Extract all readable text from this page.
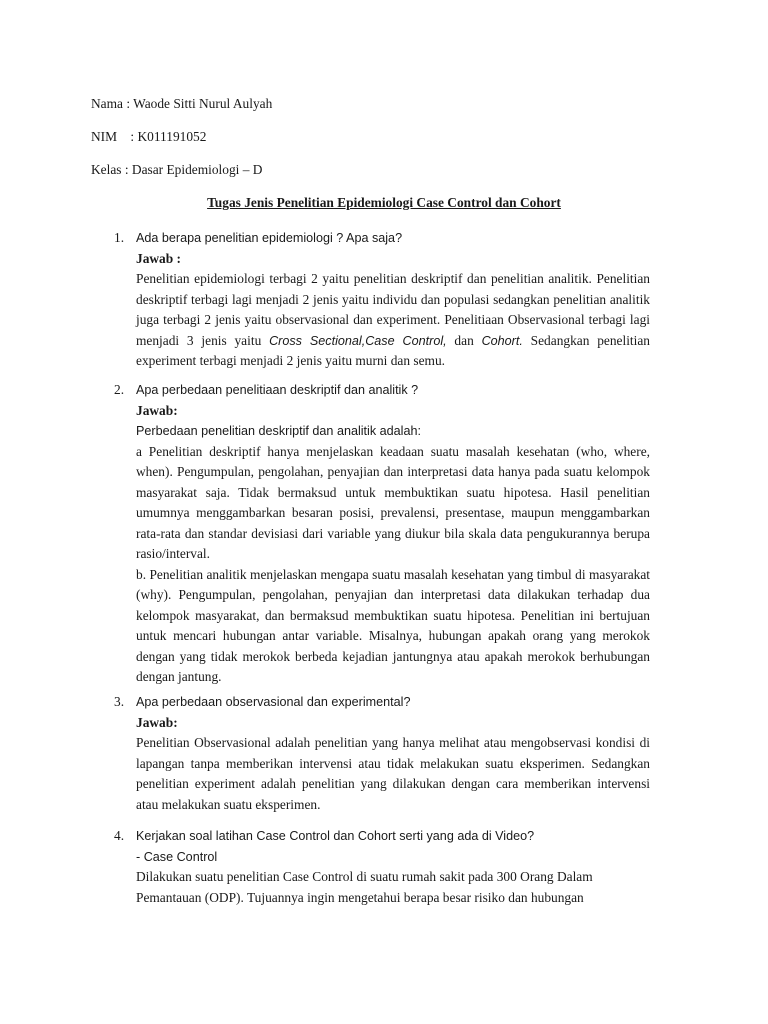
Nama : Waode Sitti Nurul Aulyah
NIM    : K011191052
Kelas : Dasar Epidemiologi – D
Tugas Jenis Penelitian Epidemiologi Case Control dan Cohort
1. Ada berapa penelitian epidemiologi ? Apa saja?
Jawab :
Penelitian epidemiologi terbagi 2 yaitu penelitian deskriptif dan penelitian analitik. Penelitian deskriptif terbagi lagi menjadi 2 jenis yaitu individu dan populasi sedangkan penelitian analitik juga terbagi 2 jenis yaitu observasional dan experiment. Penelitiaan Observasional terbagi lagi menjadi 3 jenis yaitu Cross Sectional,Case Control, dan Cohort. Sedangkan penelitian experiment terbagi menjadi 2 jenis yaitu murni dan semu.
2. Apa perbedaan penelitiaan deskriptif dan analitik ?
Jawab:
Perbedaan penelitian deskriptif dan analitik adalah:
a Penelitian deskriptif hanya menjelaskan keadaan suatu masalah kesehatan (who, where, when). Pengumpulan, pengolahan, penyajian dan interpretasi data hanya pada suatu kelompok masyarakat saja. Tidak bermaksud untuk membuktikan suatu hipotesa. Hasil penelitian umumnya menggambarkan besaran posisi, prevalensi, presentase, maupun menggambarkan rata-rata dan standar devisiasi dari variable yang diukur bila skala data pengukurannya berupa rasio/interval.
b. Penelitian analitik menjelaskan mengapa suatu masalah kesehatan yang timbul di masyarakat (why). Pengumpulan, pengolahan, penyajian dan interpretasi data dilakukan terhadap dua kelompok masyarakat, dan bermaksud membuktikan suatu hipotesa. Penelitian ini bertujuan untuk mencari hubungan antar variable. Misalnya, hubungan apakah orang yang merokok dengan yang tidak merokok berbeda kejadian jantungnya atau apakah merokok berhubungan dengan jantung.
3. Apa perbedaan observasional dan experimental?
Jawab:
Penelitian Observasional adalah penelitian yang hanya melihat atau mengobservasi kondisi di lapangan tanpa memberikan intervensi atau tidak melakukan suatu eksperimen. Sedangkan penelitian experiment adalah penelitian yang dilakukan dengan cara memberikan intervensi atau melakukan suatu eksperimen.
4. Kerjakan soal latihan Case Control dan Cohort serti yang ada di Video?
- Case Control
Dilakukan suatu penelitian Case Control di suatu rumah sakit pada 300 Orang Dalam Pemantauan (ODP). Tujuannya ingin mengetahui berapa besar risiko dan hubungan
